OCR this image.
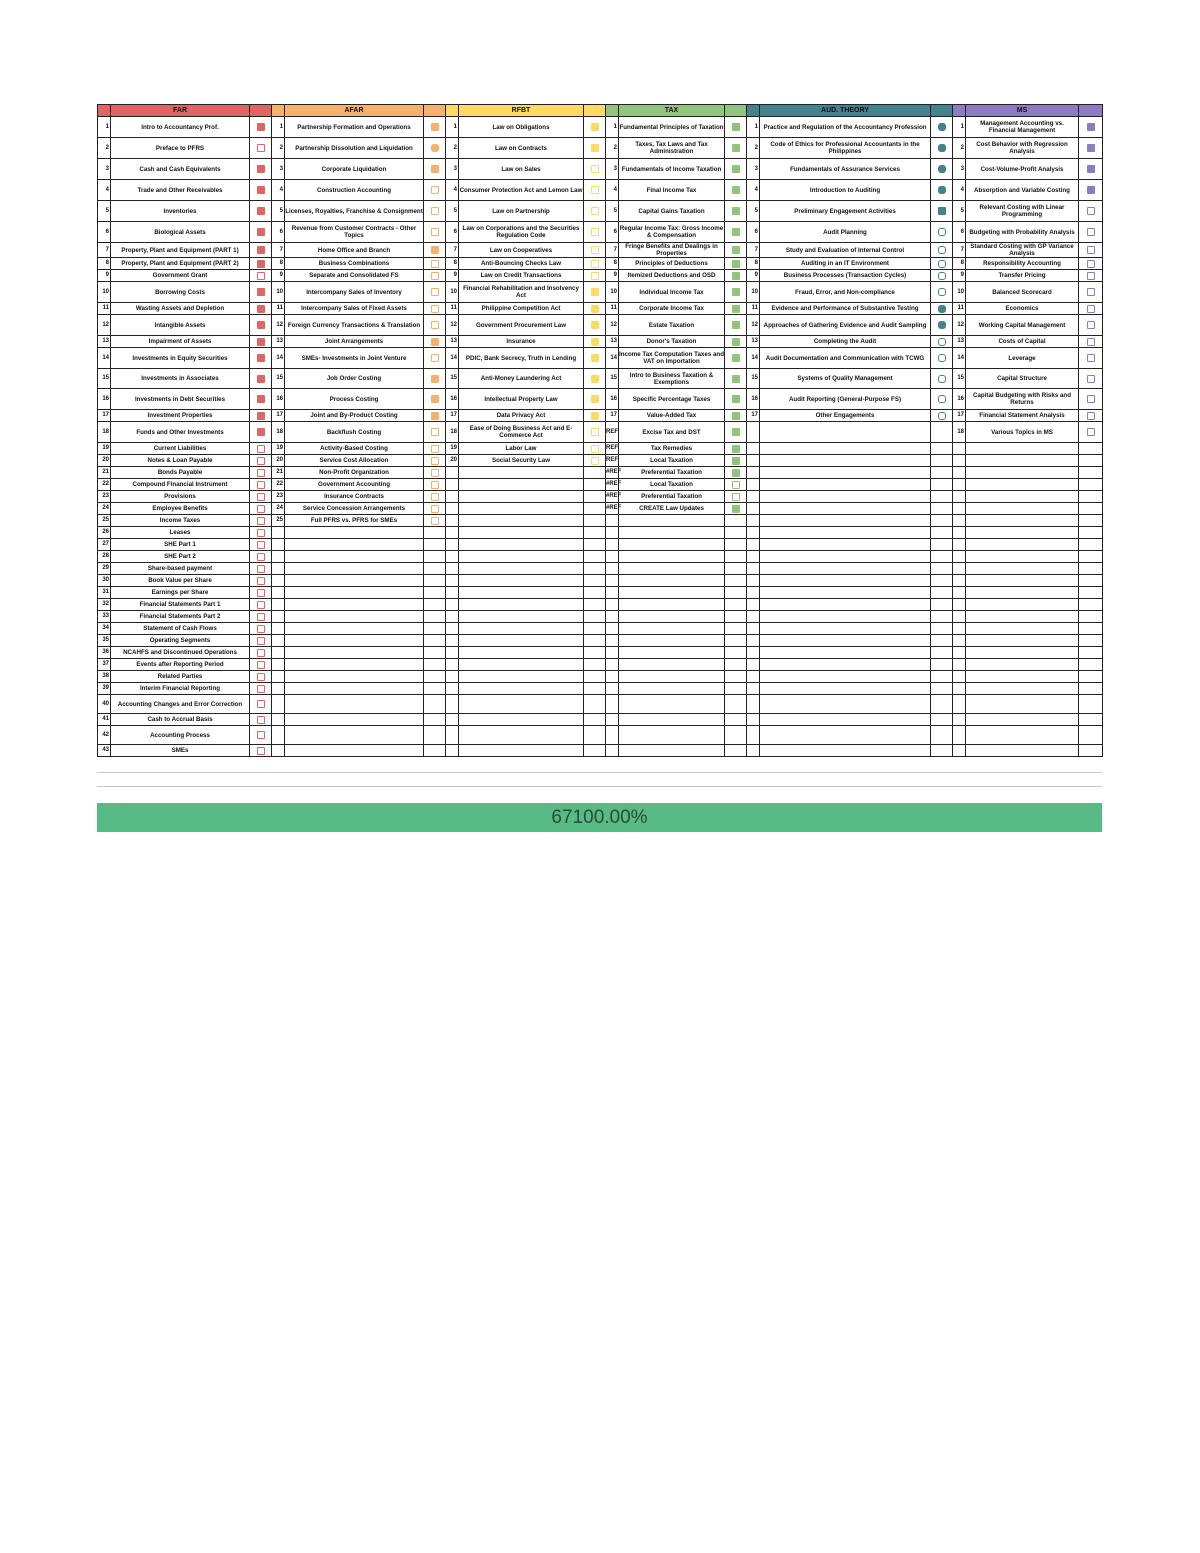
	FAR			AFAR			RFBT			TAX			AUD. THEORY			MS	
1	Intro to Accountancy Prof.		1	Partnership Formation and Operations		1	Law on Obligations		1	Fundamental Principles of Taxation		1	Practice and Regulation of the Accountancy Profession		1	Management Accounting vs. Financial Management	
2	Preface to PFRS		2	Partnership Dissolution and Liquidation		2	Law on Contracts		2	Taxes, Tax Laws and Tax Administration		2	Code of Ethics for Professional Accountants in the Philippines		2	Cost Behavior with Regression Analysis	
3	Cash and Cash Equivalents		3	Corporate Liquidation		3	Law on Sales		3	Fundamentals of Income Taxation		3	Fundamentals of Assurance Services		3	Cost-Volume-Profit Analysis	
4	Trade and Other Receivables		4	Construction Accounting		4	Consumer Protection Act and Lemon Law		4	Final Income Tax		4	Introduction to Auditing		4	Absorption and Variable Costing	
5	Inventories		5	Licenses, Royalties, Franchise & Consignment		5	Law on Partnership		5	Capital Gains Taxation		5	Preliminary Engagement Activities		5	Relevant Costing with Linear Programming	
6	Biological Assets		6	Revenue from Customer Contracts - Other Topics		6	Law on Corporations and the Securities Regulation Code		6	Regular Income Tax: Gross Income & Compensation		6	Audit Planning		6	Budgeting with Probability Analysis	
7	Property, Plant and Equipment (PART 1)		7	Home Office and Branch		7	Law on Cooperatives		7	Fringe Benefits and Dealings in Properties		7	Study and Evaluation of Internal Control		7	Standard Costing with GP Variance Analysis	
8	Property, Plant and Equipment (PART 2)		8	Business Combinations		8	Anti-Bouncing Checks Law		8	Principles of Deductions		8	Auditing in an IT Environment		8	Responsibility Accounting	
9	Government Grant		9	Separate and Consolidated FS		9	Law on Credit Transactions		9	Itemized Deductions and OSD		9	Business Processes (Transaction Cycles)		9	Transfer Pricing	
10	Borrowing Costs		10	Intercompany Sales of Inventory		10	Financial Rehabilitation and Insolvency Act		10	Individual Income Tax		10	Fraud, Error, and Non-compliance		10	Balanced Scorecard	
11	Wasting Assets and Depletion		11	Intercompany Sales of Fixed Assets		11	Philippine Competition Act		11	Corporate Income Tax		11	Evidence and Performance of Substantive Testing		11	Economics	
12	Intangible Assets		12	Foreign Currency Transactions & Translation		12	Government Procurement Law		12	Estate Taxation		12	Approaches of Gathering Evidence and Audit Sampling		12	Working Capital Management	
13	Impairment of Assets		13	Joint Arrangements		13	Insurance		13	Donor's Taxation		13	Completing the Audit		13	Costs of Capital	
14	Investments in Equity Securities		14	SMEs- Investments in Joint Venture		14	PDIC, Bank Secrecy, Truth in Lending		14	Income Tax Computation Taxes and VAT on Importation		14	Audit Documentation and Communication with TCWG		14	Leverage	
15	Investments in Associates		15	Job Order Costing		15	Anti-Money Laundering Act		15	Intro to Business Taxation & Exemptions		15	Systems of Quality Management		15	Capital Structure	
16	Investments in Debt Securities		16	Process Costing		16	Intellectual Property Law		16	Specific Percentage Taxes		16	Audit Reporting (General-Purpose FS)		16	Capital Budgeting with Risks and Returns	
17	Investment Properties		17	Joint and By-Product Costing		17	Data Privacy Act		17	Value-Added Tax		17	Other Engagements		17	Financial Statement Analysis	
18	Funds and Other Investments		18	Backflush Costing		18	Ease of Doing Business Act and E-Commerce Act		REF	Excise Tax and DST					18	Various Topics in MS	
19	Current Liabilities		19	Activity-Based Costing		19	Labor Law		REF	Tax Remedies							
20	Notes & Loan Payable		20	Service Cost Allocation		20	Social Security Law		REF	Local Taxation							
21	Bonds Payable		21	Non-Profit Organization					#REF	Preferential Taxation							
22	Compound Financial Instrument		22	Government Accounting					#REF	Local Taxation							
23	Provisions		23	Insurance Contracts					#REF	Preferential Taxation							
24	Employee Benefits		24	Service Concession Arrangements					#REF	CREATE Law Updates							
25	Income Taxes		25	Full PFRS vs. PFRS for SMEs													
26	Leases																
27	SHE Part 1																
28	SHE Part 2																
29	Share-based payment																
30	Book Value per Share																
31	Earnings per Share																
32	Financial Statements Part 1																
33	Financial Statements Part 2																
34	Statement of Cash Flows																
35	Operating Segments																
36	NCAHFS and Discontinued Operations																
37	Events after Reporting Period																
38	Related Parties																
39	Interim Financial Reporting																
40	Accounting Changes and Error Correction																
41	Cash to Accrual Basis																
42	Accounting Process																
43	SMEs																
67100.00%
